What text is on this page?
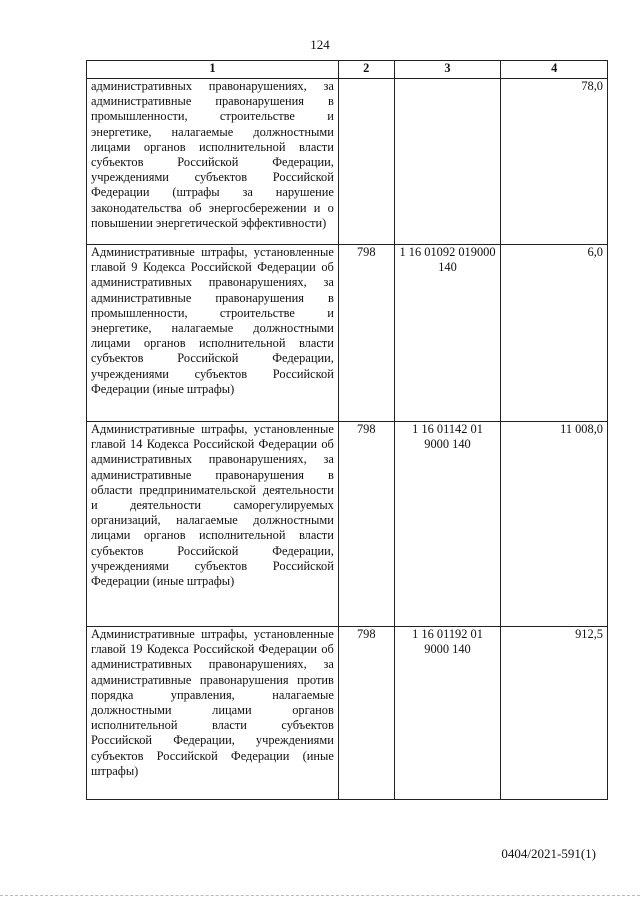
124
1	2	3	4
административных правонарушениях, за административные правонарушения в промышленности, строительстве и энергетике, налагаемые должностными лицами органов исполнительной власти субъектов Российской Федерации, учреждениями субъектов Российской Федерации (штрафы за нарушение законодательства об энергосбережении и о повышении энергетической эффективности)			78,0
Административные штрафы, установленные главой 9 Кодекса Российской Федерации об административных правонарушениях, за административные правонарушения в промышленности, строительстве и энергетике, налагаемые должностными лицами органов исполнительной власти субъектов Российской Федерации, учреждениями субъектов Российской Федерации (иные штрафы)	798	1 16 01092 019000 140	6,0
Административные штрафы, установленные главой 14 Кодекса Российской Федерации об административных правонарушениях, за административные правонарушения в области предпринимательской деятельности и деятельности саморегулируемых организаций, налагаемые должностными лицами органов исполнительной власти субъектов Российской Федерации, учреждениями субъектов Российской Федерации (иные штрафы)	798	1 16 01142 01 9000 140	11 008,0
Административные штрафы, установленные главой 19 Кодекса Российской Федерации об административных правонарушениях, за административные правонарушения против порядка управления, налагаемые должностными лицами органов исполнительной власти субъектов Российской Федерации, учреждениями субъектов Российской Федерации (иные штрафы)	798	1 16 01192 01 9000 140	912,5
0404/2021-591(1)
